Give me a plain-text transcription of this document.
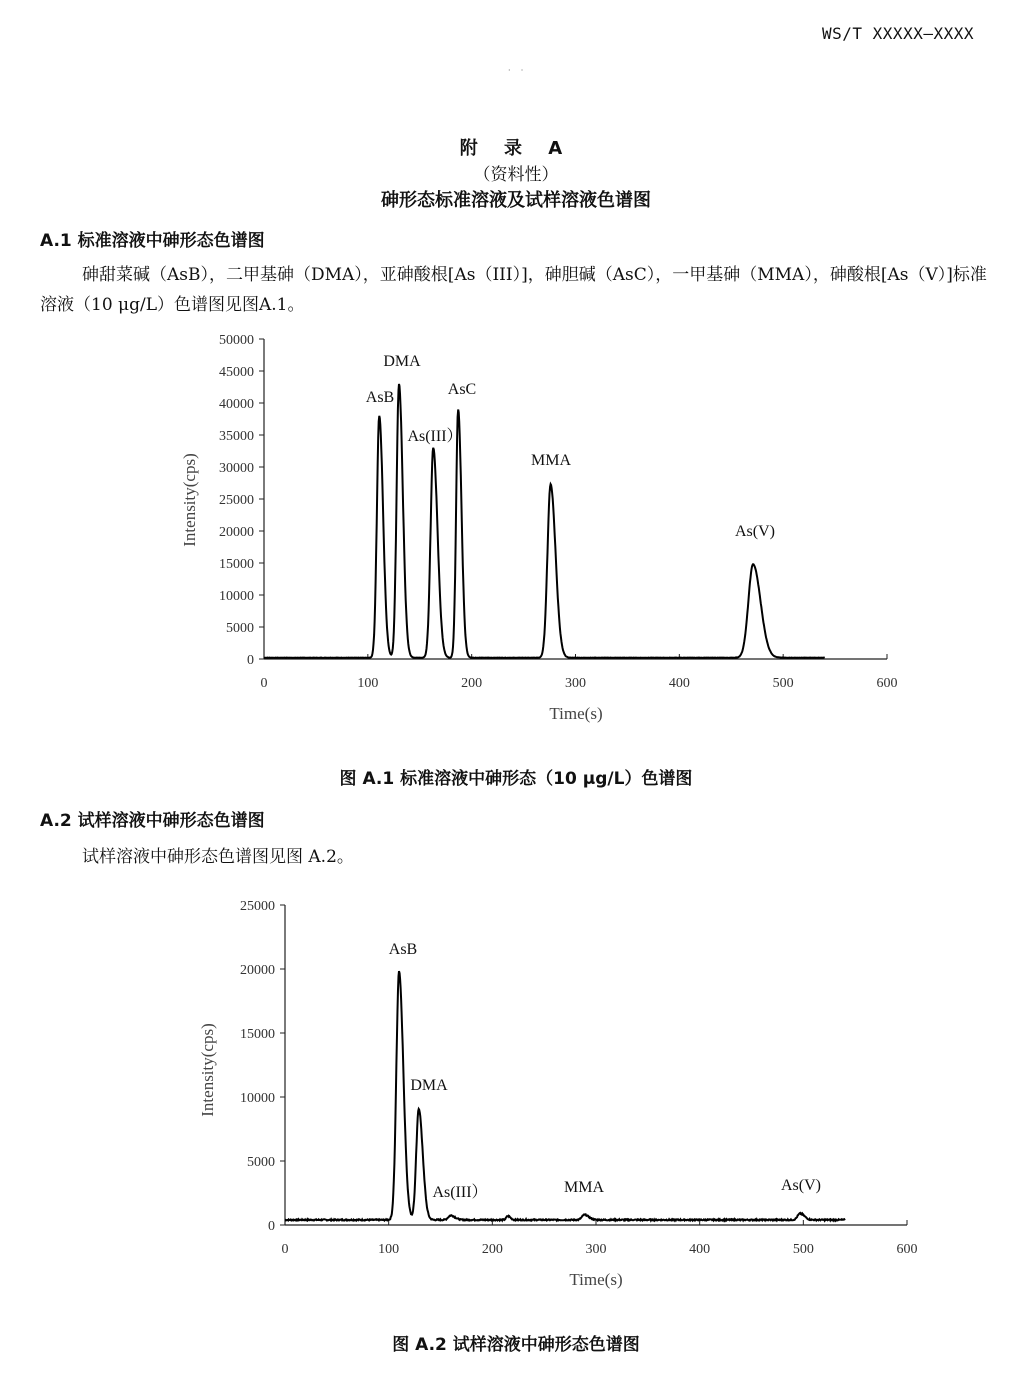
WS/T XXXXX—XXXX
·    ·
附 录 A
（资料性）
砷形态标准溶液及试样溶液色谱图
A.1 标准溶液中砷形态色谱图
砷甜菜碱（AsB），二甲基砷（DMA），亚砷酸根[As（III）]，砷胆碱（AsC），一甲基砷（MMA），砷酸根[As（V）]标准溶液（10 μg/L）色谱图见图A.1。
0
5000
10000
15000
20000
25000
30000
35000
40000
45000
50000
0	100	200	300	400	500	600
AsB
DMA
As(III）
AsC
MMA
As(V)
Time(s)
Intensity(cps)
图 A.1 标准溶液中砷形态（10 μg/L）色谱图
A.2 试样溶液中砷形态色谱图
试样溶液中砷形态色谱图见图 A.2。
0
5000
10000
15000
20000
25000
0	100	200	300	400	500	600
AsB
DMA
As(III）	MMA	As(V)
Time(s)
Intensity(cps)
图 A.2 试样溶液中砷形态色谱图
